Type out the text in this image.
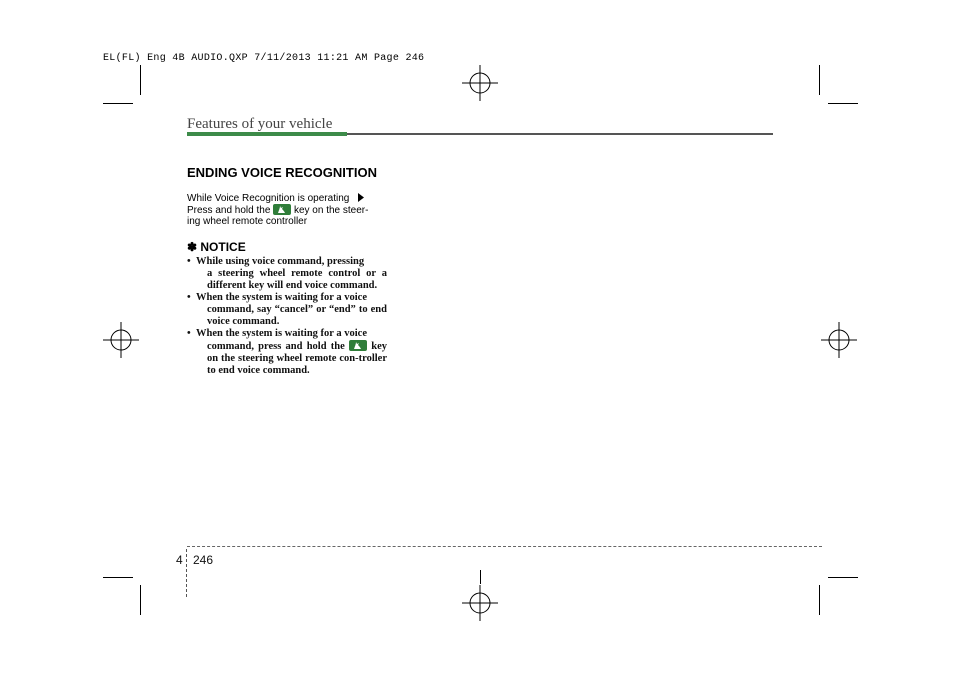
EL(FL) Eng 4B AUDIO.QXP 7/11/2013 11:21 AM Page 246
Features of your vehicle
ENDING VOICE RECOGNITION
While Voice Recognition is operating
Press and hold the key on the steer-
ing wheel remote controller
✽ NOTICE
• While using voice command, pressing
a steering wheel remote control or a different key will end voice command.
• When the system is waiting for a voice
command, say “cancel” or “end” to end voice command.
• When the system is waiting for a voice
command, press and hold the	key on the steering wheel remote con-troller to end voice command.
4 246
